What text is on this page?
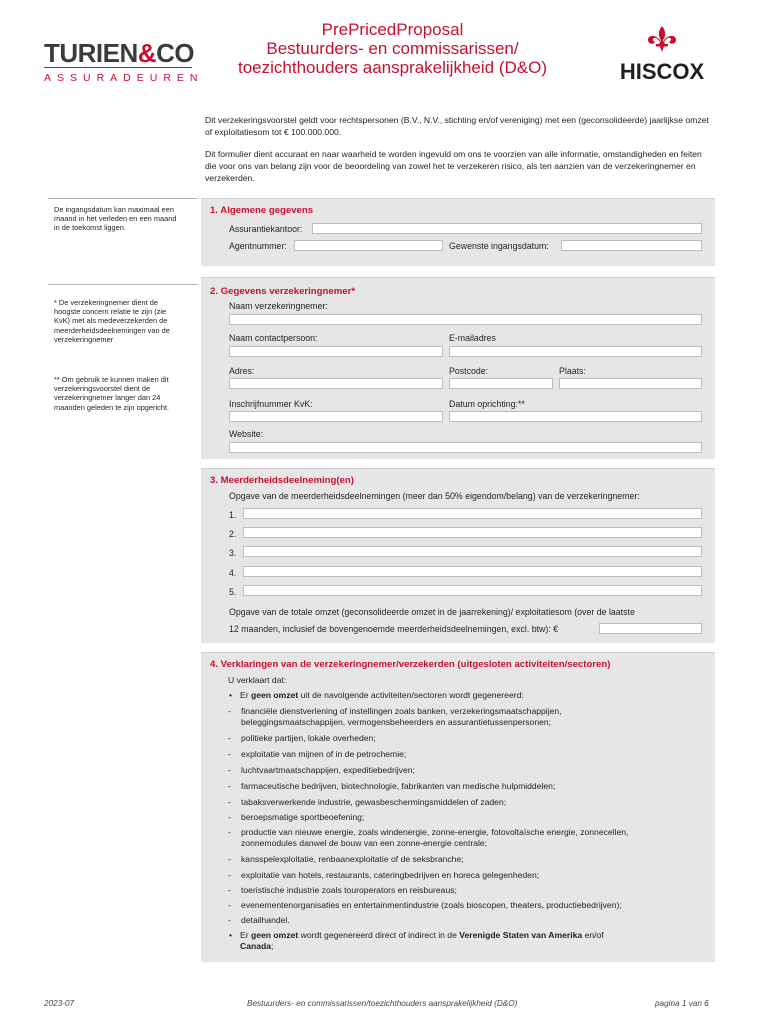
TURIEN&CO
ASSURADEUREN
PrePricedProposal
Bestuurders- en commissarissen/
toezichthouders aansprakelijkheid (D&O)	HISCOX

Dit verzekeringsvoorstel geldt voor rechtspersonen (B.V., N.V., stichting en/of vereniging) met een (geconsolideerde) jaarlijkse omzet of exploitatiesom tot € 100.000.000.

Dit formulier dient accuraat en naar waarheid te worden ingevuld om ons te voorzien van alle informatie, omstandigheden en feiten die voor ons van belang zijn voor de beoordeling van zowel het te verzekeren risico, als ten aanzien van de verzekeringnemer en verzekerden.

De ingangsdatum kan maximaal een maand in het verleden en een maand in de toekomst liggen.
* De verzekeringnemer dient de hoogste concern relatie te zijn (zie KvK) met als medeverzekerden de meerderheidsdeelnemingen van de verzekeringnemer
** Om gebruik te kunnen maken dit verzekeringsvoorstel dient de verzekeringnemer langer dan 24 maanden geleden te zijn opgericht.
1. Algemene gegevens
Assurantiekantoor:
Agentnummer:	Gewenste ingangsdatum:
2. Gegevens verzekeringnemer*
Naam verzekeringnemer:
Naam contactpersoon:	E-mailadres
Adres:	Postcode:	Plaats:
Inschrijfnummer KvK:	Datum oprichting:**
Website:
3. Meerderheidsdeelneming(en)
Opgave van de meerderheidsdeelnemingen (meer dan 50% eigendom/belang) van de verzekeringnemer:
1.
2.
3.
4.
5.
Opgave van de totale omzet (geconsolideerde omzet in de jaarrekening)/ exploitatiesom (over de laatste
12 maanden, inclusief de bovengenoemde meerderheidsdeelnemingen, excl. btw): €
4. Verklaringen van de verzekeringnemer/verzekerden (uitgesloten activiteiten/sectoren)
U verklaart dat:
• Er geen omzet uit de navolgende activiteiten/sectoren wordt gegenereerd:
- financiële dienstverlening of instellingen zoals banken, verzekeringsmaatschappijen,
beleggingsmaatschappijen, vermogensbeheerders en assurantietussenpersonen;
- politieke partijen, lokale overheden;
- exploitatie van mijnen of in de petrochemie;
- luchtvaartmaatschappijen, expeditiebedrijven;
- farmaceutische bedrijven, biotechnologie, fabrikanten van medische hulpmiddelen;
- tabaksverwerkende industrie, gewasbeschermingsmiddelen of zaden;
- beroepsmatige sportbeoefening;
- productie van nieuwe energie, zoals windenergie, zonne-energie, fotovoltaïsche energie, zonnecellen,
zonnemodules danwel de bouw van een zonne-energie centrale;
- kansspelexploitatie, renbaanexploitatie of de seksbranche;
- exploitatie van hotels, restaurants, cateringbedrijven en horeca gelegenheden;
- toeristische industrie zoals touroperators en reisbureaus;
- evenementenorganisaties en entertainmentindustrie (zoals bioscopen, theaters, productiebedrijven);
- detailhandel.
• Er geen omzet wordt gegenereerd direct of indirect in de Verenigde Staten van Amerika en/of
Canada;
2023-07	Bestuurders- en commissarissen/toezichthouders aansprakelijkheid (D&O)	pagina 1 van 6
